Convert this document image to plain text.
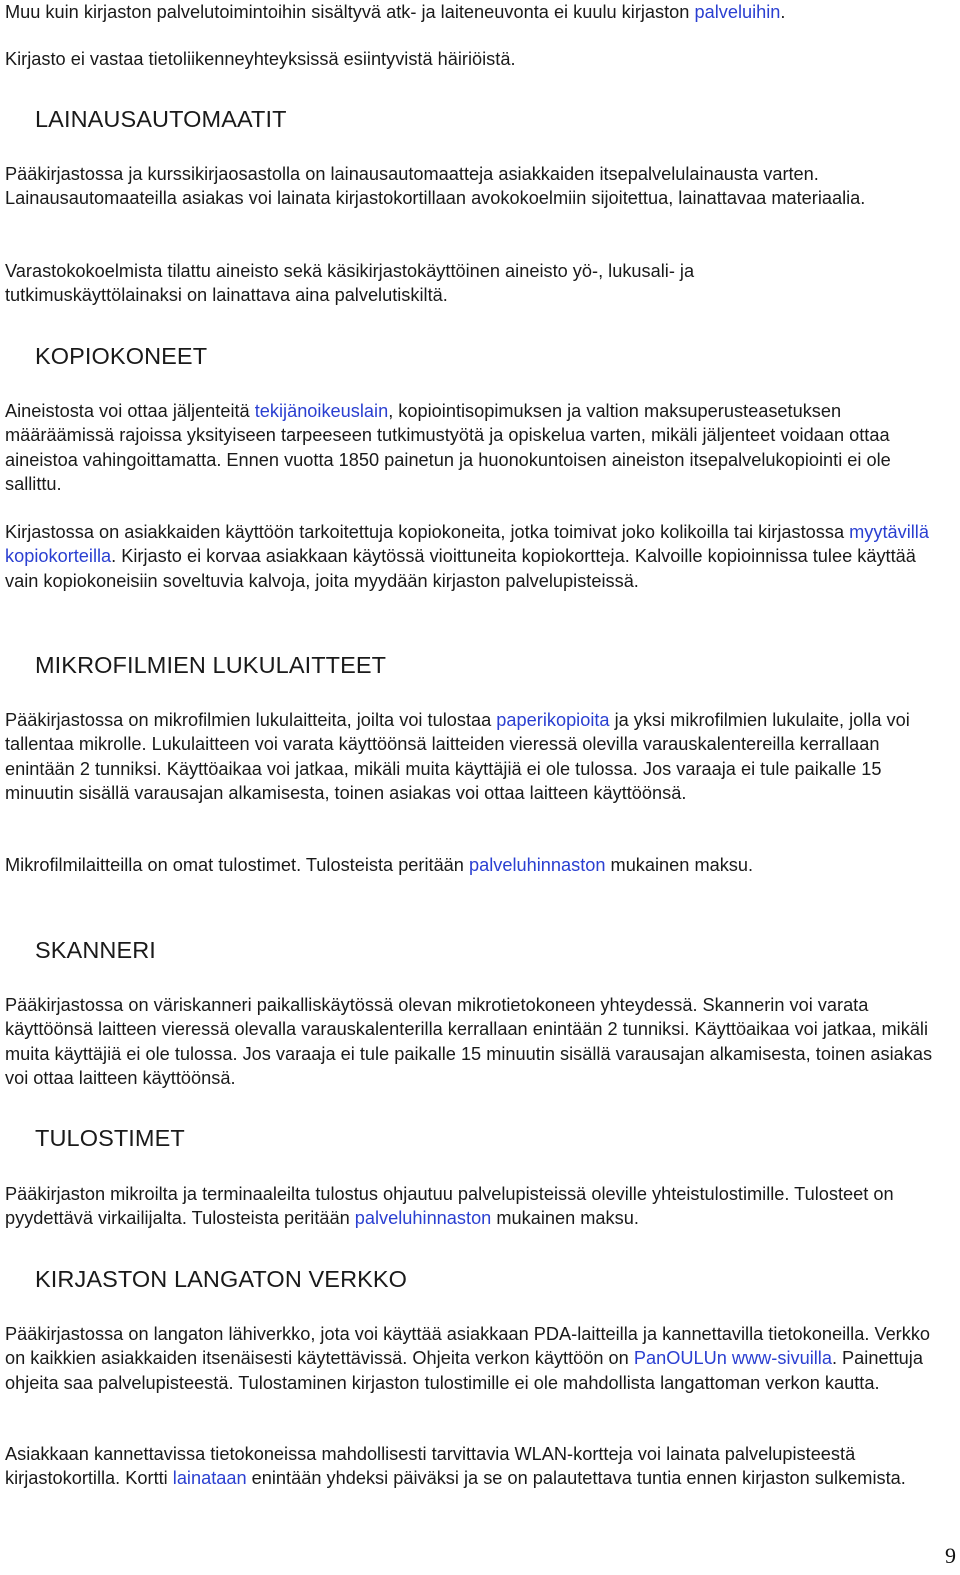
Muu kuin kirjaston palvelutoimintoihin sisältyvä atk- ja laiteneuvonta ei kuulu kirjaston palveluihin.

Kirjasto ei vastaa tietoliikenneyhteyksissä esiintyvistä häiriöistä.

LAINAUSAUTOMAATIT

Pääkirjastossa ja kurssikirjaosastolla on lainausautomaatteja asiakkaiden itsepalvelulainausta varten. Lainausautomaateilla asiakas voi lainata kirjastokortillaan avokokoelmiin sijoitettua, lainattavaa materiaalia.

Varastokokoelmista tilattu aineisto sekä käsikirjastokäyttöinen aineisto yö-, lukusali- ja tutkimuskäyttölainaksi on lainattava aina palvelutiskiltä.

KOPIOKONEET

Aineistosta voi ottaa jäljenteitä tekijänoikeuslain, kopiointisopimuksen ja valtion maksuperusteasetuksen määräämissä rajoissa yksityiseen tarpeeseen tutkimustyötä ja opiskelua varten, mikäli jäljenteet voidaan ottaa aineistoa vahingoittamatta. Ennen vuotta 1850 painetun ja huonokuntoisen aineiston itsepalvelukopiointi ei ole sallittu.

Kirjastossa on asiakkaiden käyttöön tarkoitettuja kopiokoneita, jotka toimivat joko kolikoilla tai kirjastossa myytävillä kopiokorteilla. Kirjasto ei korvaa asiakkaan käytössä vioittuneita kopiokortteja. Kalvoille kopioinnissa tulee käyttää vain kopiokoneisiin soveltuvia kalvoja, joita myydään kirjaston palvelupisteissä.

MIKROFILMIEN LUKULAITTEET

Pääkirjastossa on mikrofilmien lukulaitteita, joilta voi tulostaa paperikopioita ja yksi mikrofilmien lukulaite, jolla voi tallentaa mikrolle. Lukulaitteen voi varata käyttöönsä laitteiden vieressä olevilla varauskalentereilla kerrallaan enintään 2 tunniksi. Käyttöaikaa voi jatkaa, mikäli muita käyttäjiä ei ole tulossa. Jos varaaja ei tule paikalle 15 minuutin sisällä varausajan alkamisesta, toinen asiakas voi ottaa laitteen käyttöönsä.

Mikrofilmilaitteilla on omat tulostimet. Tulosteista peritään palveluhinnaston mukainen maksu.

SKANNERI

Pääkirjastossa on väriskanneri paikalliskäytössä olevan mikrotietokoneen yhteydessä. Skannerin voi varata käyttöönsä laitteen vieressä olevalla varauskalenterilla kerrallaan enintään 2 tunniksi. Käyttöaikaa voi jatkaa, mikäli muita käyttäjiä ei ole tulossa. Jos varaaja ei tule paikalle 15 minuutin sisällä varausajan alkamisesta, toinen asiakas voi ottaa laitteen käyttöönsä.

TULOSTIMET

Pääkirjaston mikroilta ja terminaaleilta tulostus ohjautuu palvelupisteissä oleville yhteistulostimille. Tulosteet on pyydettävä virkailijalta. Tulosteista peritään palveluhinnaston mukainen maksu.

KIRJASTON LANGATON VERKKO

Pääkirjastossa on langaton lähiverkko, jota voi käyttää asiakkaan PDA-laitteilla ja kannettavilla tietokoneilla. Verkko on kaikkien asiakkaiden itsenäisesti käytettävissä. Ohjeita verkon käyttöön on PanOULUn www-sivuilla. Painettuja ohjeita saa palvelupisteestä. Tulostaminen kirjaston tulostimille ei ole mahdollista langattoman verkon kautta.

Asiakkaan kannettavissa tietokoneissa mahdollisesti tarvittavia WLAN-kortteja voi lainata palvelupisteestä kirjastokortilla. Kortti lainataan enintään yhdeksi päiväksi ja se on palautettava tuntia ennen kirjaston sulkemista.

9
